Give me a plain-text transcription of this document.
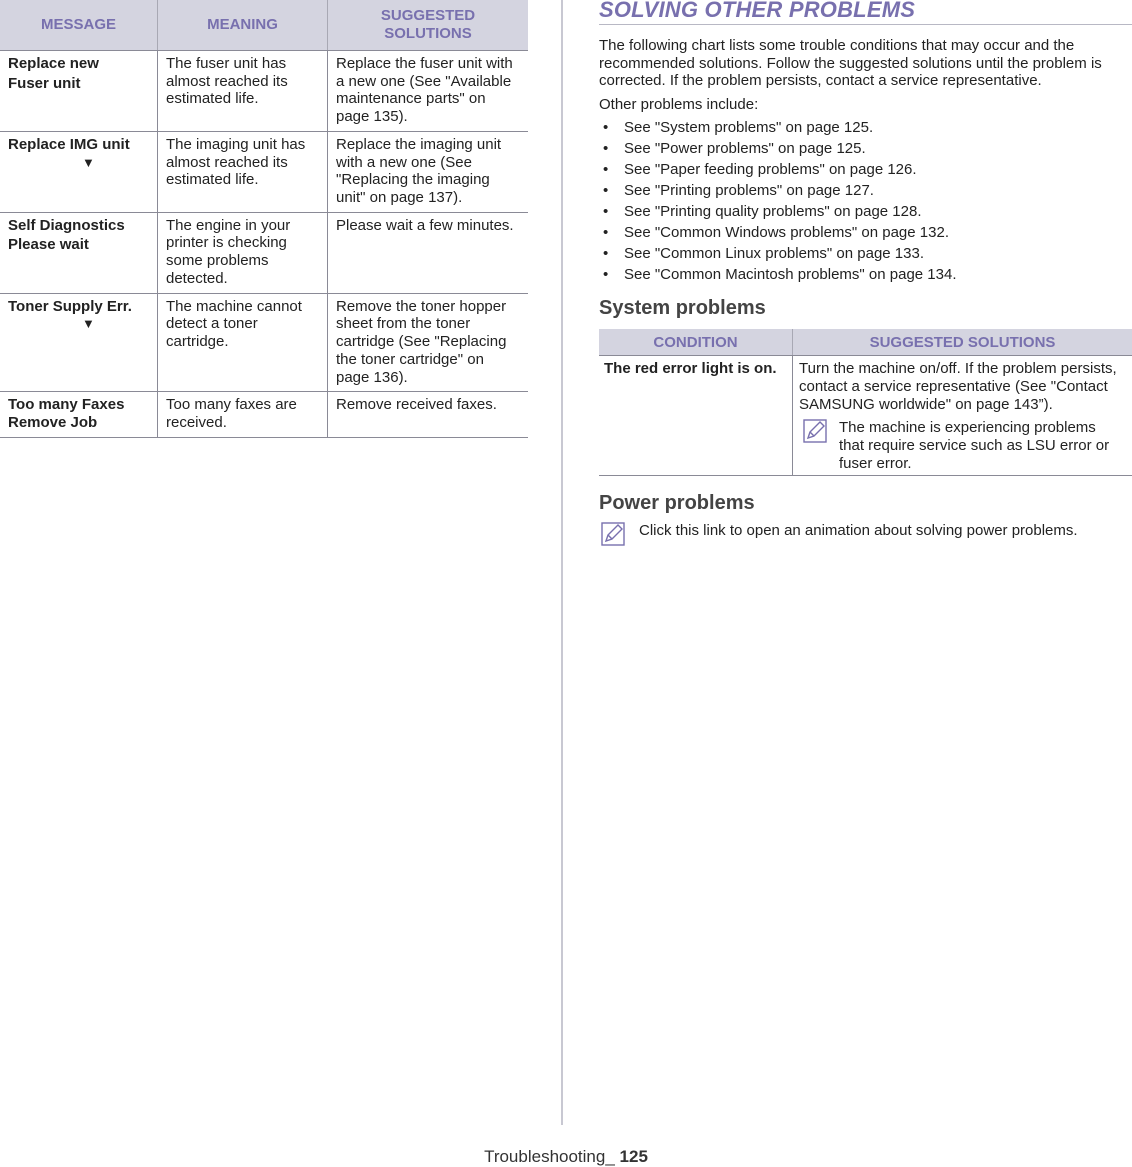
MESSAGE	MEANING	SUGGESTED
SOLUTIONS

Replace new
Fuser unit	The fuser unit has almost reached its estimated life.	Replace the fuser unit with a new one (See "Available maintenance parts" on page 135).

Replace IMG unit
▼	The imaging unit has almost reached its estimated life.	Replace the imaging unit with a new one (See "Replacing the imaging unit" on page 137).

Self Diagnostics
Please wait	The engine in your printer is checking some problems detected.	Please wait a few minutes.

Toner Supply Err.
▼	The machine cannot detect a toner cartridge.	Remove the toner hopper sheet from the toner cartridge (See "Replacing the toner cartridge" on page 136).

Too many Faxes
Remove Job	Too many faxes are received.	Remove received faxes.
SOLVING OTHER PROBLEMS

The following chart lists some trouble conditions that may occur and the recommended solutions. Follow the suggested solutions until the problem is corrected. If the problem persists, contact a service representative.

Other problems include:

• See "System problems" on page 125.
• See "Power problems" on page 125.
• See "Paper feeding problems" on page 126.
• See "Printing problems" on page 127.
• See "Printing quality problems" on page 128.
• See "Common Windows problems" on page 132.
• See "Common Linux problems" on page 133.
• See "Common Macintosh problems" on page 134.
System problems
CONDITION	SUGGESTED SOLUTIONS
The red error light is on.	Turn the machine on/off. If the problem persists, contact a service representative (See "Contact SAMSUNG worldwide" on page 143”).
The machine is experiencing problems that require service such as LSU error or fuser error.
Power problems
Click this link to open an animation about solving power problems.
Troubleshooting_ 125
